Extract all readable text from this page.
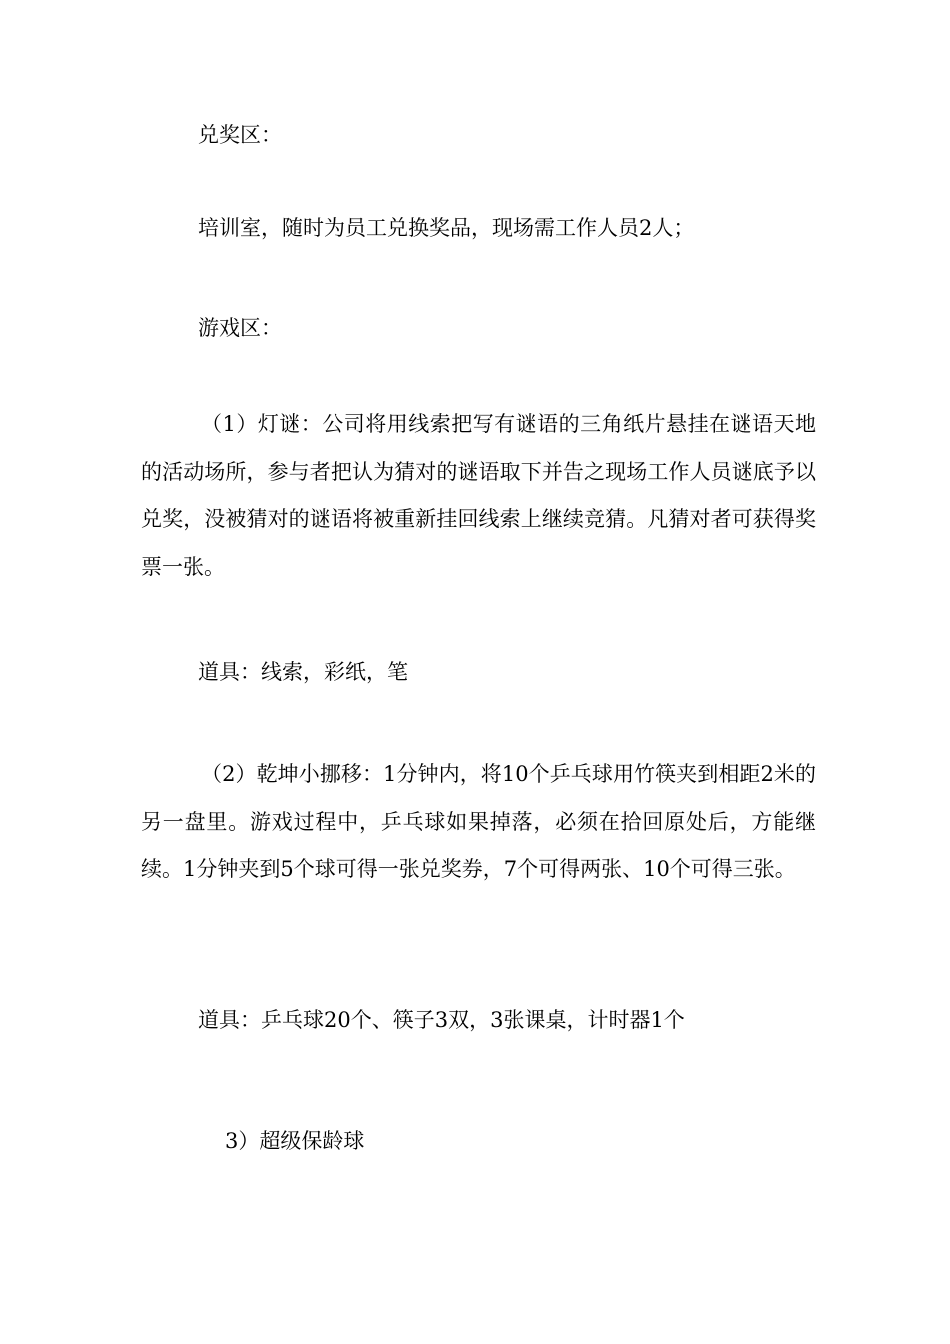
兑奖区：

培训室，随时为员工兑换奖品，现场需工作人员2人；

游戏区：

（1）灯谜：公司将用线索把写有谜语的三角纸片悬挂在谜语天地的活动场所，参与者把认为猜对的谜语取下并告之现场工作人员谜底予以兑奖，没被猜对的谜语将被重新挂回线索上继续竞猜。凡猜对者可获得奖票一张。

道具：线索，彩纸，笔

（2）乾坤小挪移：1分钟内，将10个乒乓球用竹筷夹到相距2米的另一盘里。游戏过程中，乒乓球如果掉落，必须在拾回原处后，方能继续。1分钟夹到5个球可得一张兑奖券，7个可得两张、10个可得三张。

道具：乒乓球20个、筷子3双，3张课桌，计时器1个

3）超级保龄球
